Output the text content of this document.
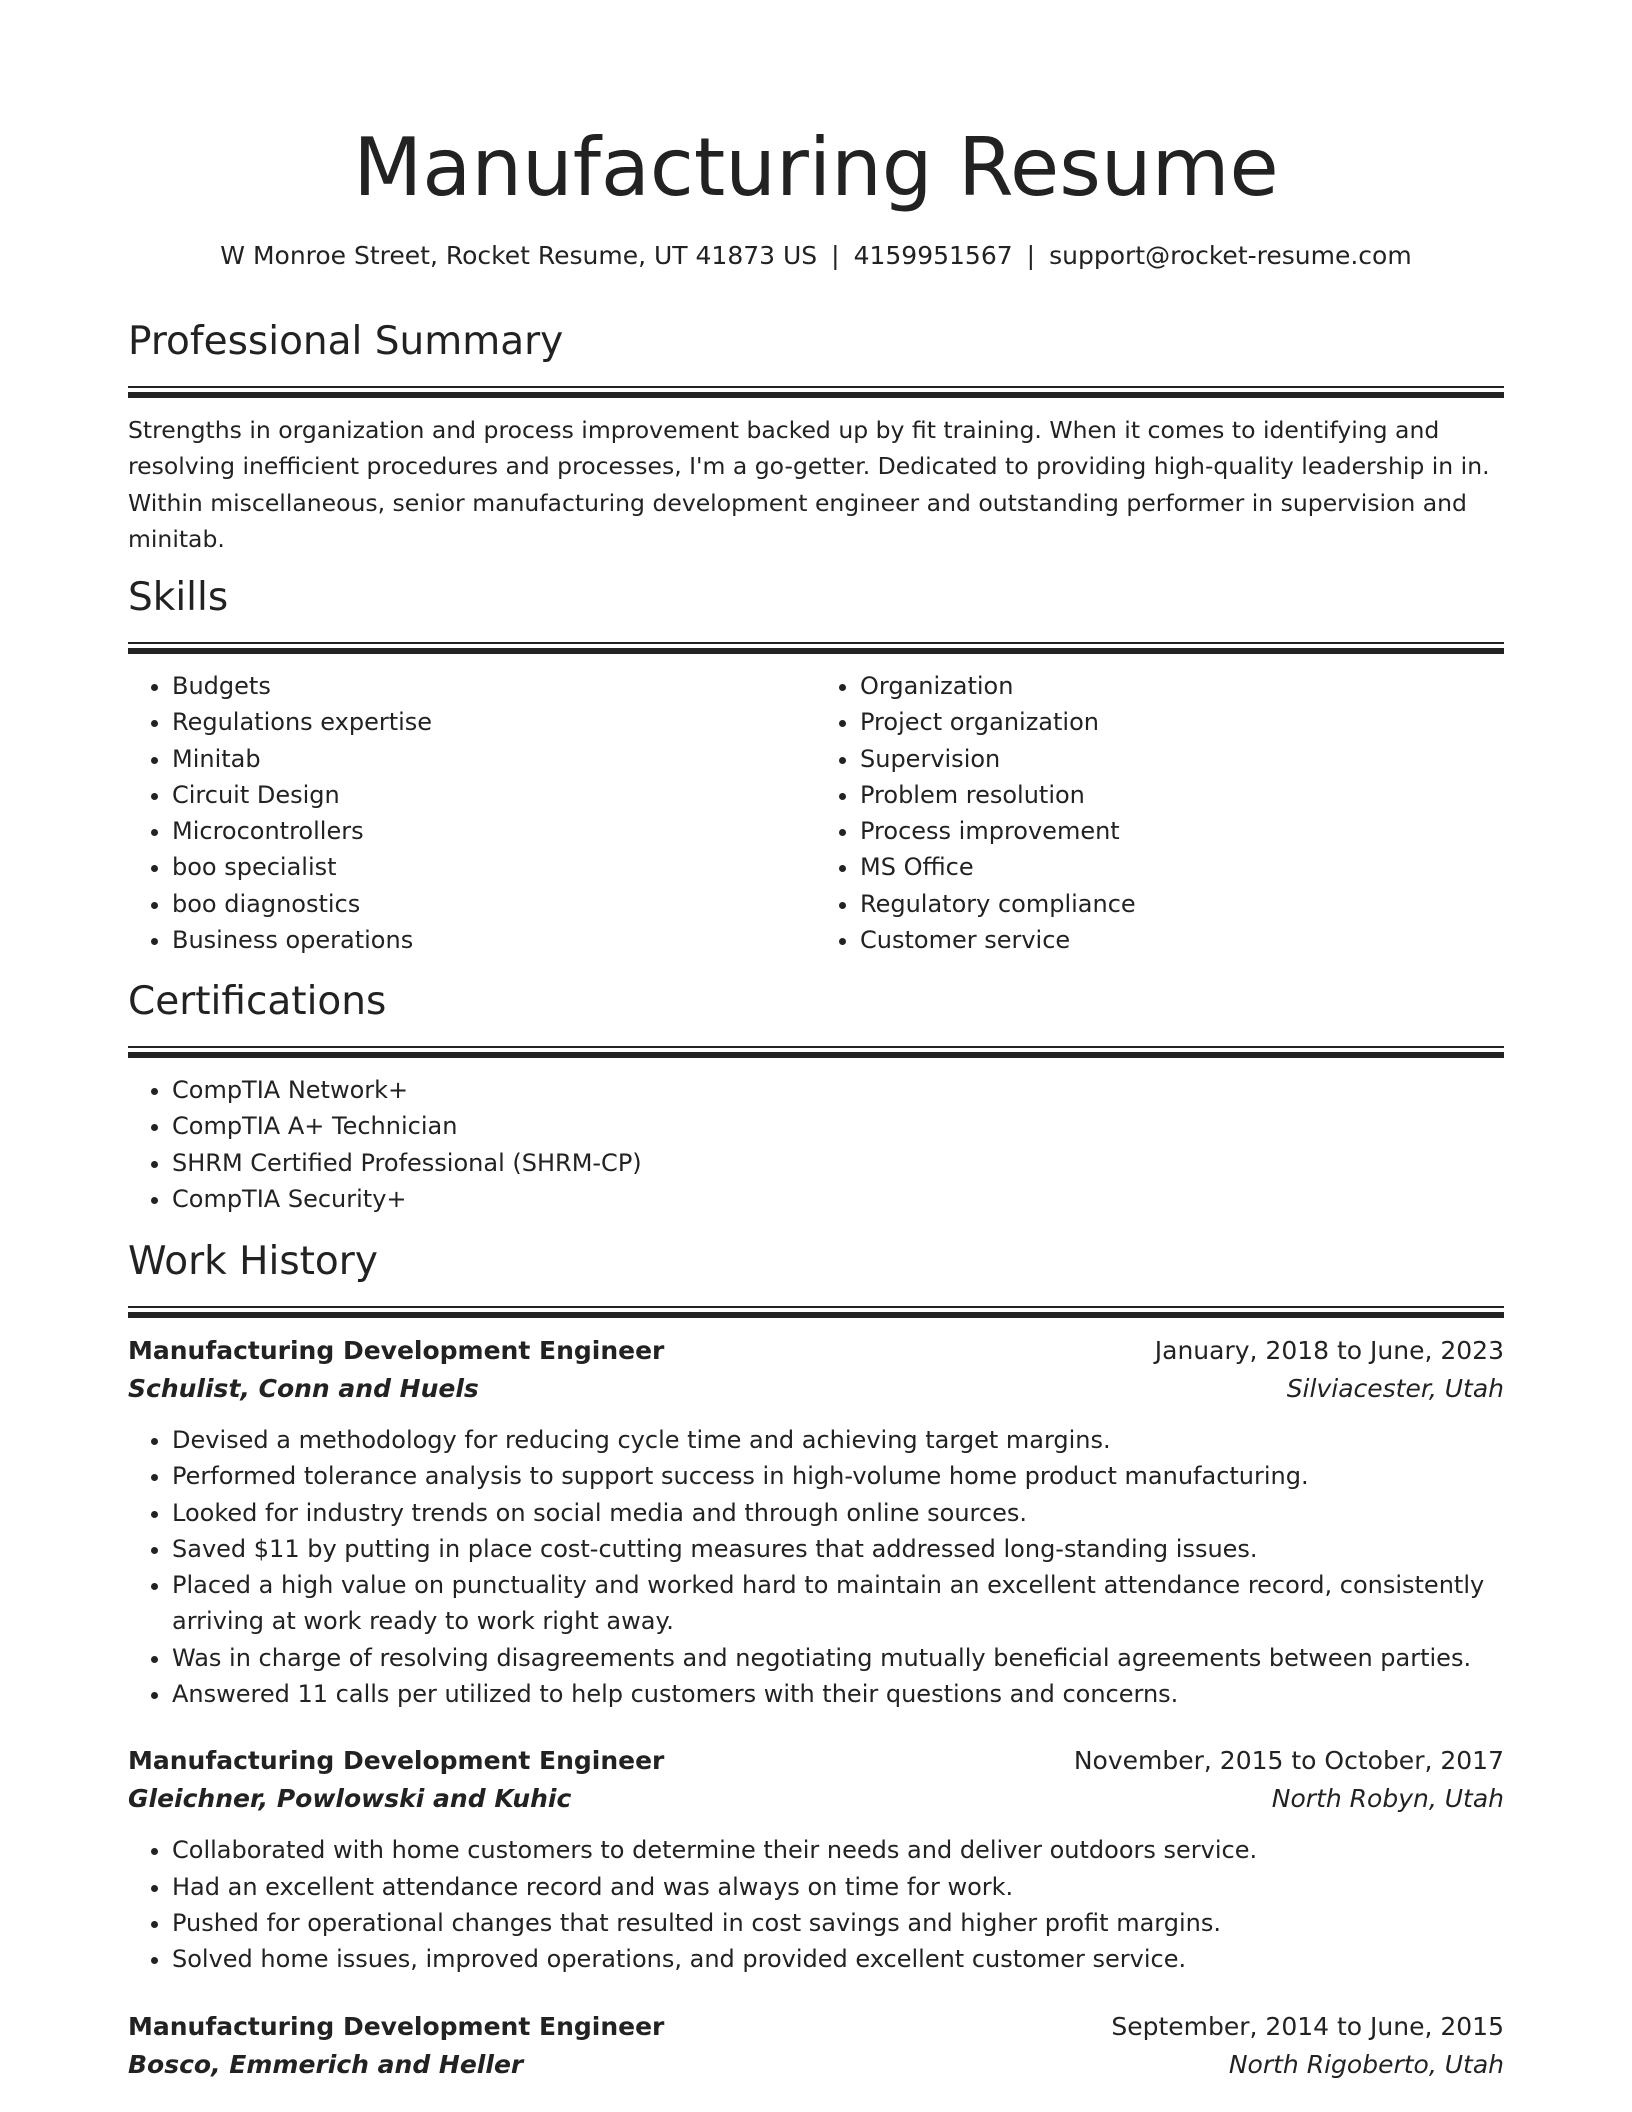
Manufacturing Resume
W Monroe Street, Rocket Resume, UT 41873 US | 4159951567 | support@rocket-resume.com
Professional Summary

Strengths in organization and process improvement backed up by fit training. When it comes to identifying and resolving inefficient procedures and processes, I'm a go-getter. Dedicated to providing high-quality leadership in in. Within miscellaneous, senior manufacturing development engineer and outstanding performer in supervision and minitab.

Skills
• Budgets
• Regulations expertise
• Minitab
• Circuit Design
• Microcontrollers
• boo specialist
• boo diagnostics
• Business operations
• Organization
• Project organization
• Supervision
• Problem resolution
• Process improvement
• MS Office
• Regulatory compliance
• Customer service
Certifications
• CompTIA Network+
• CompTIA A+ Technician
• SHRM Certified Professional (SHRM-CP)
• CompTIA Security+
Work History
Manufacturing Development Engineer	January, 2018 to June, 2023
Schulist, Conn and Huels	Silviacester, Utah
• Devised a methodology for reducing cycle time and achieving target margins.
• Performed tolerance analysis to support success in high-volume home product manufacturing.
• Looked for industry trends on social media and through online sources.
• Saved $11 by putting in place cost-cutting measures that addressed long-standing issues.
• Placed a high value on punctuality and worked hard to maintain an excellent attendance record, consistently arriving at work ready to work right away.
• Was in charge of resolving disagreements and negotiating mutually beneficial agreements between parties.
• Answered 11 calls per utilized to help customers with their questions and concerns.
Manufacturing Development Engineer	November, 2015 to October, 2017
Gleichner, Powlowski and Kuhic	North Robyn, Utah
• Collaborated with home customers to determine their needs and deliver outdoors service.
• Had an excellent attendance record and was always on time for work.
• Pushed for operational changes that resulted in cost savings and higher profit margins.
• Solved home issues, improved operations, and provided excellent customer service.
Manufacturing Development Engineer	September, 2014 to June, 2015
Bosco, Emmerich and Heller	North Rigoberto, Utah
